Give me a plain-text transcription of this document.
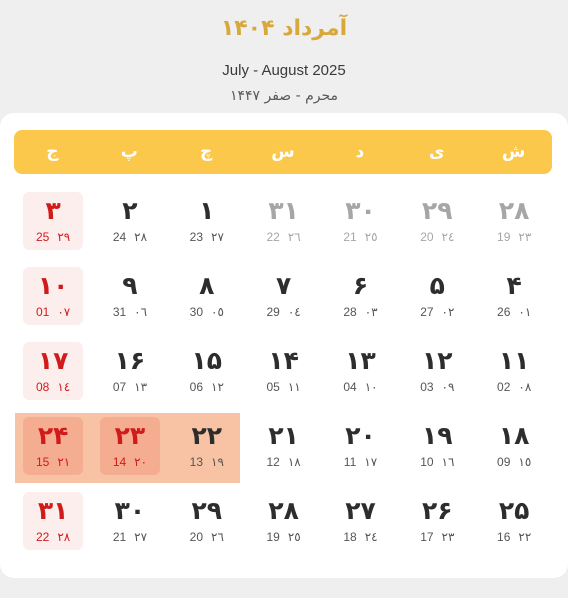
آمرداد ۱۴۰۴
July - August 2025
محرم - صفر ۱۴۴۷
ش
ی
د
س
چ
پ
ج
۲۸
19 ۲۳
۲۹
20 ۲٤
۳۰
21 ۲٥
۳۱
22 ۲٦
۱
23 ۲۷
۲
24 ۲۸
۳
25 ۲۹
۴
26 ۰۱
۵
27 ۰۲
۶
28 ۰۳
۷
29 ۰٤
۸
30 ۰٥
۹
31 ۰٦
۱۰
01 ۰۷
۱۱
02 ۰۸
۱۲
03 ۰۹
۱۳
04 ۱۰
۱۴
05 ۱۱
۱۵
06 ۱۲
۱۶
07 ۱۳
۱۷
08 ۱٤
۱۸
09 ۱٥
۱۹
10 ۱٦
۲۰
11 ۱۷
۲۱
12 ۱۸
۲۲
13 ۱۹
۲۳
14 ۲۰
۲۴
15 ۲۱
۲۵
16 ۲۲
۲۶
17 ۲۳
۲۷
18 ۲٤
۲۸
19 ۲٥
۲۹
20 ۲٦
۳۰
21 ۲۷
۳۱
22 ۲۸
